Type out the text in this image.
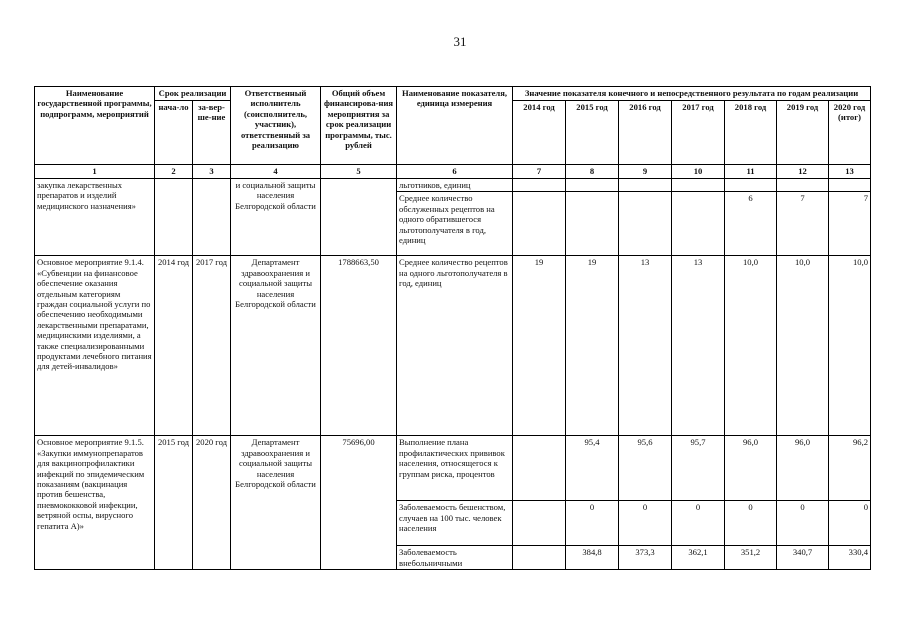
31
Наименование государственной программы, подпрограмм, мероприятий	Срок реализации		Ответственный исполнитель (соисполнитель, участник), ответственный за реализацию	Общий объем финансирова-ния мероприятия за срок реализации программы, тыс. рублей	Наименование показателя, единица измерения	Значение показателя конечного и непосредственного результата по годам реализации						
	нача-ло	за-вер-ше-ние				2014 год	2015 год	2016 год	2017 год	2018 год	2019 год	2020 год (итог)
1	2	3	4	5	6	7	8	9	10	11	12	13
закупка лекарственных препаратов и изделий медицинского назначения»			и социальной защиты населения Белгородской области		льготников, единиц							
					Среднее количество обслуженных рецептов на одного обратившегося льготополучателя в год, единиц					6	7	7
Основное мероприятие 9.1.4. «Субвенции на финансовое обеспечение оказания отдельным категориям граждан социальной услуги по обеспечению необходимыми лекарственными препаратами, медицинскими изделиями, а также специализированными продуктами лечебного питания для детей-инвалидов»	2014 год	2017 год	Департамент здравоохранения и социальной защиты населения Белгородской области	1788663,50	Среднее количество рецептов на одного льготополучателя в год, единиц	19	19	13	13	10,0	10,0	10,0
Основное мероприятие 9.1.5. «Закупки иммунопрепаратов для вакцинопрофилактики инфекций по эпидемическим показаниям (вакцинация против бешенства, пневмококковой инфекции, ветряной оспы, вирусного гепатита А)»	2015 год	2020 год	Департамент здравоохранения и социальной защиты населения Белгородской области	75696,00	Выполнение плана профилактических прививок населения, относящегося к группам риска, процентов		95,4	95,6	95,7	96,0	96,0	96,2
					Заболеваемость бешенством, случаев на 100 тыс. человек населения		0	0	0	0	0	0
					Заболеваемость внебольничными		384,8	373,3	362,1	351,2	340,7	330,4
